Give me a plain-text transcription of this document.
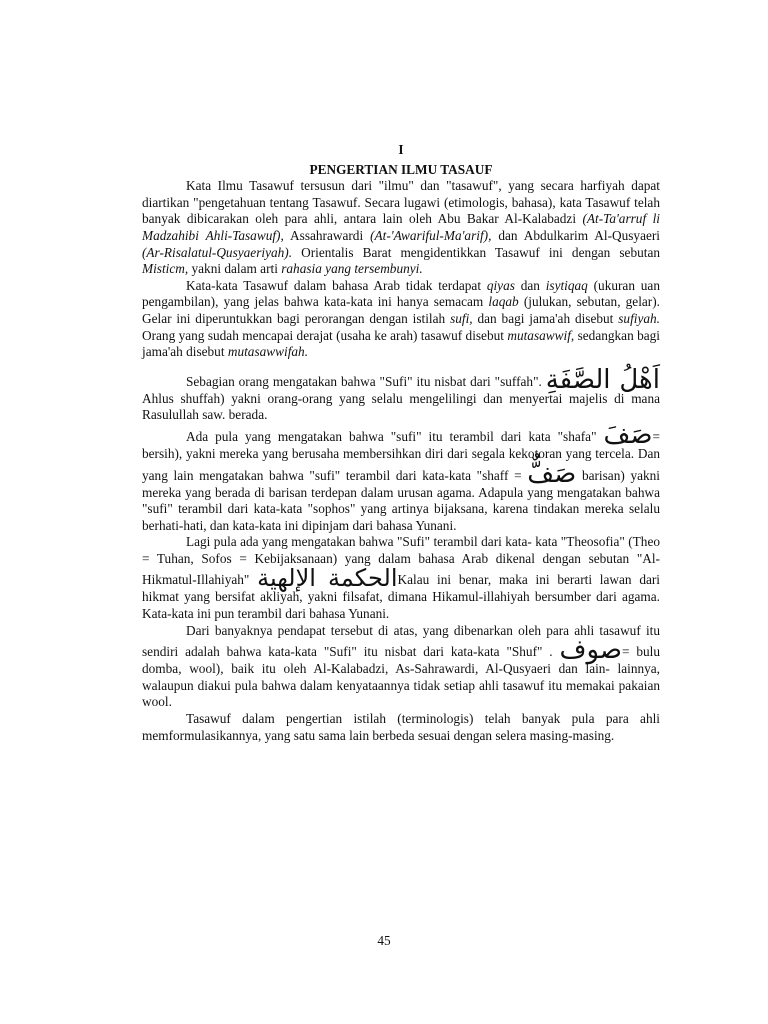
I

PENGERTIAN ILMU TASAUF

Kata Ilmu Tasawuf tersusun dari "ilmu" dan "tasawuf", yang secara harfiyah dapat diartikan "pengetahuan tentang Tasawuf. Secara lugawi (etimologis, bahasa), kata Tasawuf telah banyak dibicarakan oleh para ahli, antara lain oleh Abu Bakar Al-Kalabadzi (At-Ta'arruf li Madzahibi Ahli-Tasawuf), Assahrawardi (At-'Awariful-Ma'arif), dan Abdulkarim Al-Qusyaeri (Ar-Risalatul-Qusyaeriyah). Orientalis Barat mengidentikkan Tasawuf ini dengan sebutan Misticm, yakni dalam arti rahasia yang tersembunyi.

Kata-kata Tasawuf dalam bahasa Arab tidak terdapat qiyas dan isytiqaq (ukuran uan pengambilan), yang jelas bahwa kata-kata ini hanya semacam laqab (julukan, sebutan, gelar). Gelar ini diperuntukkan bagi perorangan dengan istilah sufi, dan bagi jama'ah disebut sufiyah. Orang yang sudah mencapai derajat (usaha ke arah) tasawuf disebut mutasawwif, sedangkan bagi jama'ah disebut mutasawwifah.

Sebagian orang mengatakan bahwa "Sufi" itu nisbat dari "suffah". اَهْلُ الصَّفَةِ Ahlus shuffah) yakni orang-orang yang selalu mengelilingi dan menyertai majelis di mana Rasulullah saw. berada.

Ada pula yang mengatakan bahwa "sufi" itu terambil dari kata "shafa" صَفَ= bersih), yakni mereka yang berusaha membersihkan diri dari segala kekotoran yang tercela. Dan yang lain mengatakan bahwa "sufi" terambil dari kata-kata "shaff = صَفٌّ barisan) yakni mereka yang berada di barisan terdepan dalam urusan agama. Adapula yang mengatakan bahwa "sufi" terambil dari kata-kata "sophos" yang artinya bijaksana, karena tindakan mereka selalu berhati-hati, dan kata-kata ini dipinjam dari bahasa Yunani.

Lagi pula ada yang mengatakan bahwa "Sufi" terambil dari kata- kata "Theosofia" (Theo = Tuhan, Sofos = Kebijaksanaan) yang dalam bahasa Arab dikenal dengan sebutan "Al-Hikmatul-Illahiyah" الحكمة الإلهيةKalau ini benar, maka ini berarti lawan dari hikmat yang bersifat akliyah, yakni filsafat, dimana Hikamul-illahiyah bersumber dari agama. Kata-kata ini pun terambil dari bahasa Yunani.

Dari banyaknya pendapat tersebut di atas, yang dibenarkan oleh para ahli tasawuf itu sendiri adalah bahwa kata-kata "Sufi" itu nisbat dari kata-kata "Shuf" . صوف= bulu domba, wool), baik itu oleh Al-Kalabadzi, As-Sahrawardi, Al-Qusyaeri dan lain- lainnya, walaupun diakui pula bahwa dalam kenyataannya tidak setiap ahli tasawuf itu memakai pakaian wool.

Tasawuf dalam pengertian istilah (terminologis) telah banyak pula para ahli memformulasikannya, yang satu sama lain berbeda sesuai dengan selera masing-masing.

45
